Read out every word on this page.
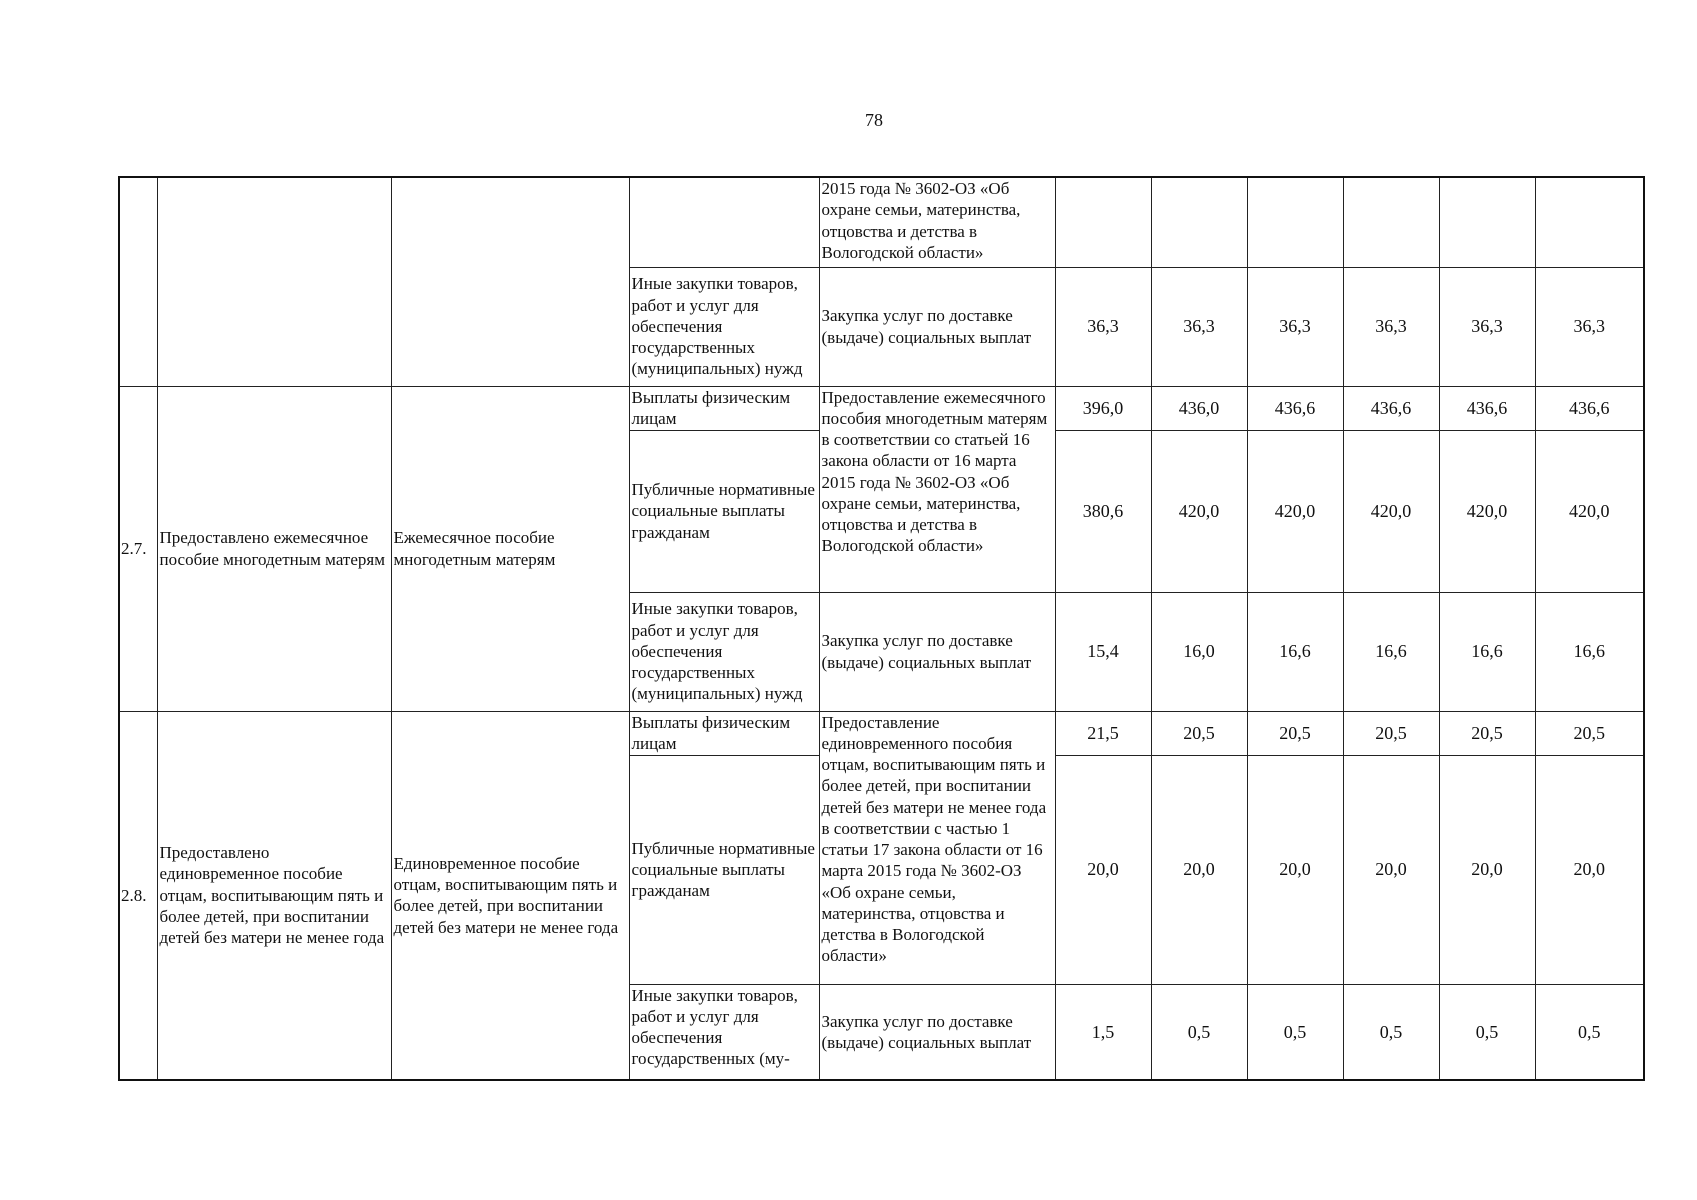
78
				2015 года № 3602-ОЗ «Об охране семьи, материнства, отцовства и детства в Вологодской области»						
			Иные закупки товаров, работ и услуг для обеспечения государственных (муниципальных) нужд	Закупка услуг по доставке (выдаче) социальных выплат	36,3	36,3	36,3	36,3	36,3	36,3
2.7.	Предоставлено ежемесячное пособие многодетным матерям	Ежемесячное пособие многодетным матерям	Выплаты физическим лицам	Предоставление ежемесячного пособия многодетным матерям в соответствии со статьей 16 закона области от 16 марта 2015 года № 3602-ОЗ «Об охране семьи, материнства, отцовства и детства в Вологодской области»	396,0	436,0	436,6	436,6	436,6	436,6
			Публичные нормативные социальные выплаты гражданам		380,6	420,0	420,0	420,0	420,0	420,0
			Иные закупки товаров, работ и услуг для обеспечения государственных (муниципальных) нужд	Закупка услуг по доставке (выдаче) социальных выплат	15,4	16,0	16,6	16,6	16,6	16,6
2.8.	Предоставлено единовременное пособие отцам, воспитывающим пять и более детей, при воспитании детей без матери не менее года	Единовременное пособие отцам, воспитывающим пять и более детей, при воспитании детей без матери не менее года	Выплаты физическим лицам	Предоставление единовременного пособия отцам, воспитывающим пять и более детей, при воспитании детей без матери не менее года в соответствии с частью 1 статьи 17 закона области от 16 марта 2015 года № 3602-ОЗ «Об охране семьи, материнства, отцовства и детства в Вологодской области»	21,5	20,5	20,5	20,5	20,5	20,5
			Публичные нормативные социальные выплаты гражданам		20,0	20,0	20,0	20,0	20,0	20,0
			Иные закупки товаров, работ и услуг для обеспечения государственных (му-	Закупка услуг по доставке (выдаче) социальных выплат	1,5	0,5	0,5	0,5	0,5	0,5
